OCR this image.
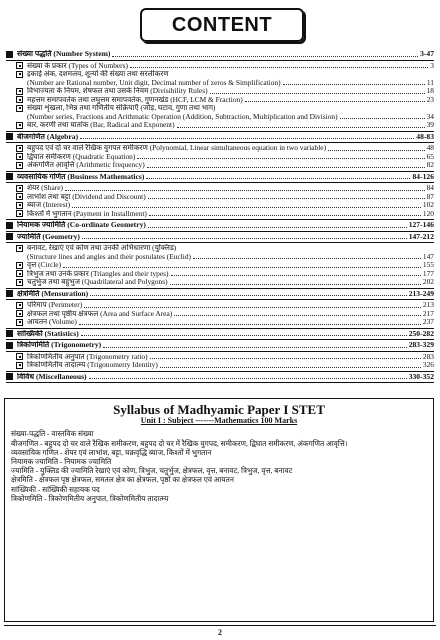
CONTENT
संख्या पद्धति (Number System)	3-47
संख्या के प्रकार (Types of Numbers)	3
इकाई अंक, दशमलव, शून्यों की संख्या तथा सरलीकरण
(Number are Rational number, Unit digit, Decimal number of zeros & Simplification)	11
विभाज्यता के नियम, शेषफल तथा उसके नियम (Divisibility Rules)	18
महत्तम समापवर्तक तथा लघुत्तम समापवर्तक, गुणनखंड (HCF, LCM & Fraction)	23
संख्या शृंखला, भिन्न तथा गणितीय संक्रियाएँ (जोड़, घटाव, गुणा तथा भाग)
(Number series, Fractions and Arithmatic Operation (Addition, Subtraction, Multiplication and Division)	34
बार, करणी तथा घातांक (Bar, Radical and Exponent)	39
बीजगणित (Algebra)	48-83
बहुपद एवं दो चर वाले रैखिक युगपत समीकरण (Polynomial, Linear simultaneous equation in two variable)	48
द्विघात समीकरण (Quadratic Equation)	65
अंकगणित आवृत्ति (Arithmetic frequency)	82
व्यवसायिक गणित (Business Mathematics)	84-126
शेयर (Share)	84
लाभांश तथा बट्टा (Dividend and Discount)	87
ब्याज (Interest)	102
किश्तों में भुगतान (Payment in Installment)	120
नियामक ज्यामिति (Co-ordinate Geometry)	127-146
ज्यामिति (Geometry)	147-212
बनावट, रेखाएं एवं कोण तथा उनकी अभिधारणा (युक्लिड)
(Structure lines and angles and their postulates (Euclid)	147
वृत्त (Circle)	155
त्रिभुज तथा उनके प्रकार (Triangles and their types)	177
चतुर्भुज तथा बहुभुज (Quadrilateral and Polygons)	202
क्षेत्रमिति (Mensuration)	213-249
परिमाप (Perimeter)	213
क्षेत्रफल तथा पृष्ठीय क्षेत्रफल (Area and Surface Area)	217
आयतन (Volume)	237
सांख्यिकी (Statistics)	250-282
त्रिकोणमिति (Trigonometry)	283-329
त्रिकोणमितीय अनुपात (Trigonometry ratio)	283
त्रिकोणमितीय तादात्म्य (Trigonometry Identity)	326
विविध (Miscellaneous)	330-352
Syllabus of Madhyamic Paper I STET
Unit I : Subject -------Mathematics 100 Marks
संख्या-पद्धति - वास्तविक संख्या
बीजगणित - बहुपद दो चर वाले रैखिक समीकरण, बहुपद दो चर में रैखिक युगपद, समीकरण, द्विघात समीकरण, अंकगणित आवृत्ति।
व्यवसायिक गणित - शेयर एवं लाभांश, बट्टा, चक्रवृद्धि ब्याज, किश्तों में भुगतान
नियामक ज्यामिति - नियामक ज्यामिति
ज्यामिति - युक्लिड की ज्यामिति रेखाएं एवं कोण, त्रिभुज, चतुर्भुज, क्षेत्रफल, वृत्त, बनावट, त्रिभुज, वृत्त, बनावट
क्षेत्रमिति - क्षेत्रफल पृष्ठ क्षेत्रफल, समतल क्षेत्र का क्षेत्रफल, पृष्ठों का क्षेत्रफल एवं आयतन
सांख्यिकी - सांख्यिकी सहायक पद
त्रिकोणमिति - त्रिकोणमितीय अनुपात, त्रिकोणमितीय तादात्म्य
2
